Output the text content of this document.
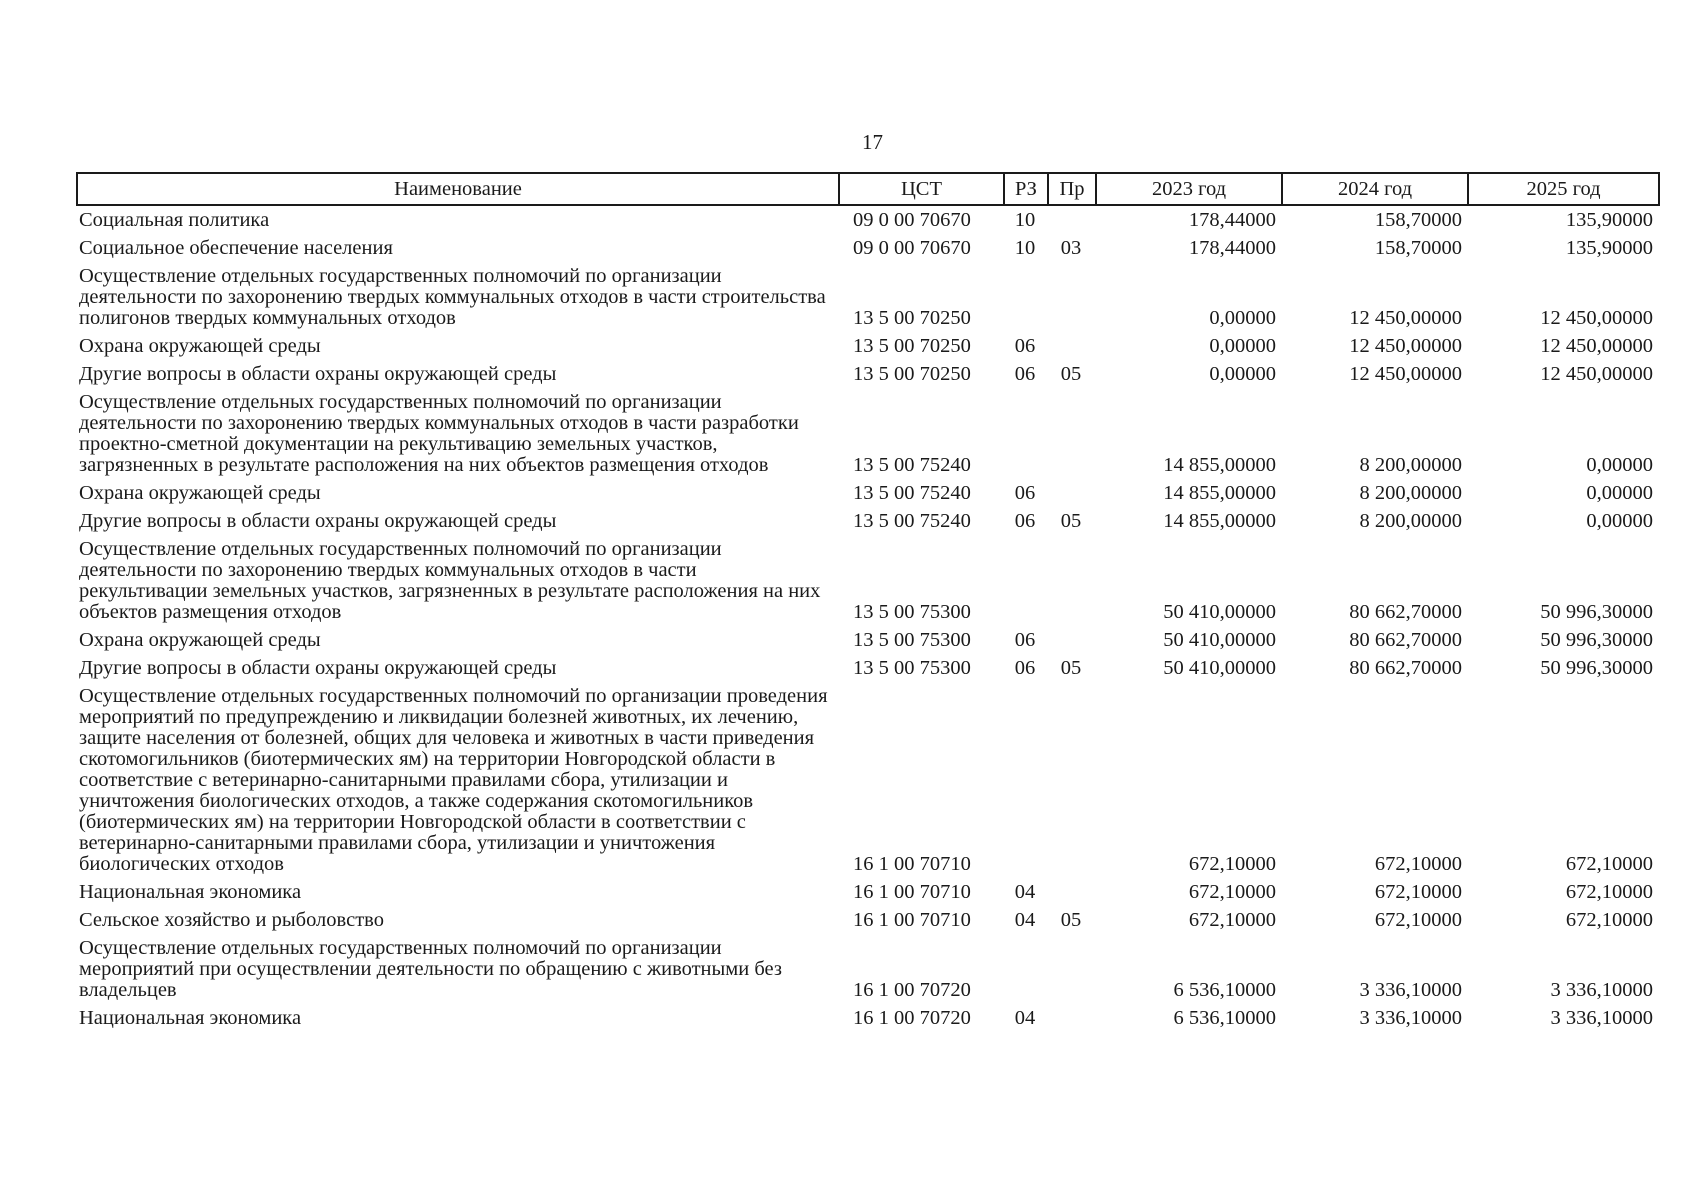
17
Наименование	ЦСТ	РЗ	Пр	2023 год	2024 год	2025 год
Социальная политика	09 0 00 70670	10		178,44000	158,70000	135,90000
Социальное обеспечение населения	09 0 00 70670	10	03	178,44000	158,70000	135,90000
Осуществление отдельных государственных полномочий по организации деятельности по захоронению твердых коммунальных отходов в части строительства полигонов твердых коммунальных отходов	13 5 00 70250			0,00000	12 450,00000	12 450,00000
Охрана окружающей среды	13 5 00 70250	06		0,00000	12 450,00000	12 450,00000
Другие вопросы в области охраны окружающей среды	13 5 00 70250	06	05	0,00000	12 450,00000	12 450,00000
Осуществление отдельных государственных полномочий по организации деятельности по захоронению твердых коммунальных отходов в части разработки проектно-сметной документации на рекультивацию земельных участков, загрязненных в результате расположения на них объектов размещения отходов	13 5 00 75240			14 855,00000	8 200,00000	0,00000
Охрана окружающей среды	13 5 00 75240	06		14 855,00000	8 200,00000	0,00000
Другие вопросы в области охраны окружающей среды	13 5 00 75240	06	05	14 855,00000	8 200,00000	0,00000
Осуществление отдельных государственных полномочий по организации деятельности по захоронению твердых коммунальных отходов в части рекультивации земельных участков, загрязненных в результате расположения на них объектов размещения отходов	13 5 00 75300			50 410,00000	80 662,70000	50 996,30000
Охрана окружающей среды	13 5 00 75300	06		50 410,00000	80 662,70000	50 996,30000
Другие вопросы в области охраны окружающей среды	13 5 00 75300	06	05	50 410,00000	80 662,70000	50 996,30000
Осуществление отдельных государственных полномочий по организации проведения мероприятий по предупреждению и ликвидации болезней животных, их лечению, защите населения от болезней, общих для человека и животных в части приведения скотомогильников (биотермических ям) на территории Новгородской области в соответствие с ветеринарно-санитарными правилами сбора, утилизации и уничтожения биологических отходов, а также содержания скотомогильников (биотермических ям) на территории Новгородской области в соответствии с ветеринарно-санитарными правилами сбора, утилизации и уничтожения биологических отходов	16 1 00 70710			672,10000	672,10000	672,10000
Национальная экономика	16 1 00 70710	04		672,10000	672,10000	672,10000
Сельское хозяйство и рыболовство	16 1 00 70710	04	05	672,10000	672,10000	672,10000
Осуществление отдельных государственных полномочий по организации мероприятий при осуществлении деятельности по обращению с животными без владельцев	16 1 00 70720			6 536,10000	3 336,10000	3 336,10000
Национальная экономика	16 1 00 70720	04		6 536,10000	3 336,10000	3 336,10000
